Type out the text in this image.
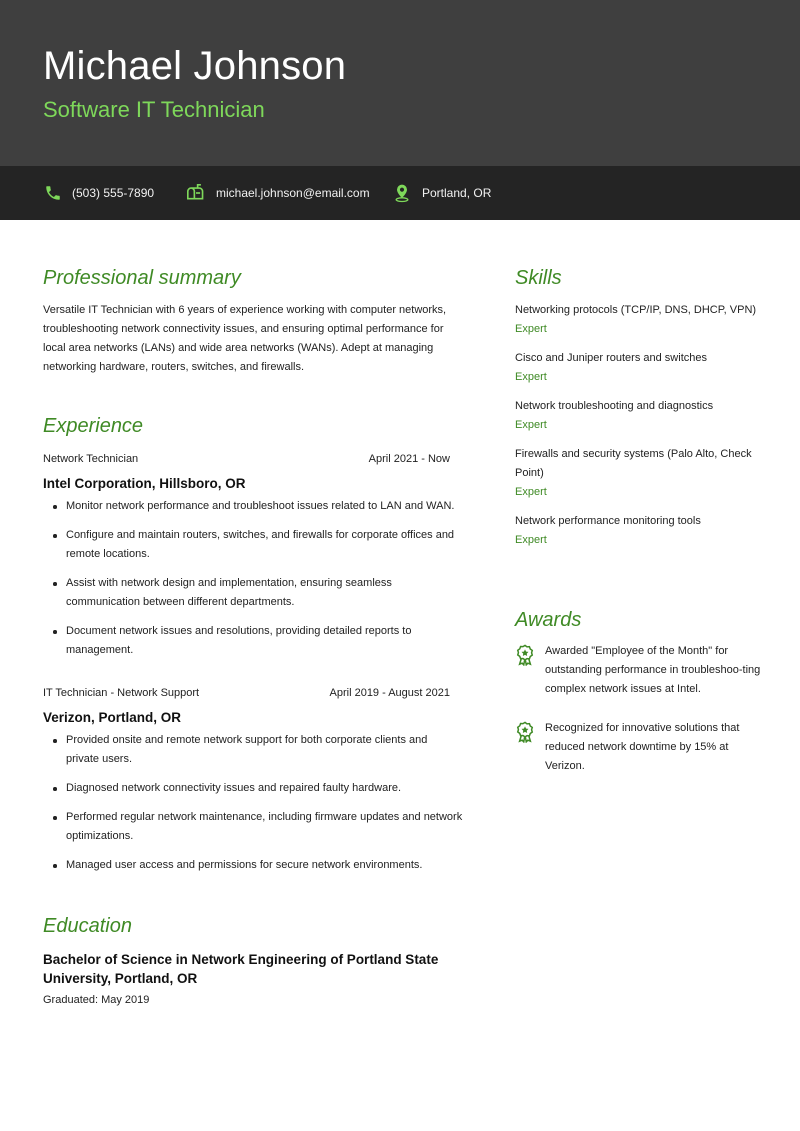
Michael Johnson
Software IT Technician
(503) 555-7890	michael.johnson@email.com	Portland, OR
Professional summary
Versatile IT Technician with 6 years of experience working with computer networks, troubleshooting network connectivity issues, and ensuring optimal performance for local area networks (LANs) and wide area networks (WANs). Adept at managing networking hardware, routers, switches, and firewalls.
Experience
Network Technician	April 2021 - Now
Intel Corporation, Hillsboro, OR
Monitor network performance and troubleshoot issues related to LAN and WAN.
Configure and maintain routers, switches, and firewalls for corporate offices and remote locations.
Assist with network design and implementation, ensuring seamless communication between different departments.
Document network issues and resolutions, providing detailed reports to management.
IT Technician - Network Support	April 2019 - August 2021
Verizon, Portland, OR
Provided onsite and remote network support for both corporate clients and private users.
Diagnosed network connectivity issues and repaired faulty hardware.
Performed regular network maintenance, including firmware updates and network optimizations.
Managed user access and permissions for secure network environments.
Education
Bachelor of Science in Network Engineering of Portland State University, Portland, OR
Graduated: May 2019
Skills
Networking protocols (TCP/IP, DNS, DHCP, VPN)
Expert
Cisco and Juniper routers and switches
Expert
Network troubleshooting and diagnostics
Expert
Firewalls and security systems (Palo Alto, Check Point)
Expert
Network performance monitoring tools
Expert
Awards
Awarded "Employee of the Month" for outstanding performance in troubleshoo-ting complex network issues at Intel.
Recognized for innovative solutions that reduced network downtime by 15% at Verizon.
